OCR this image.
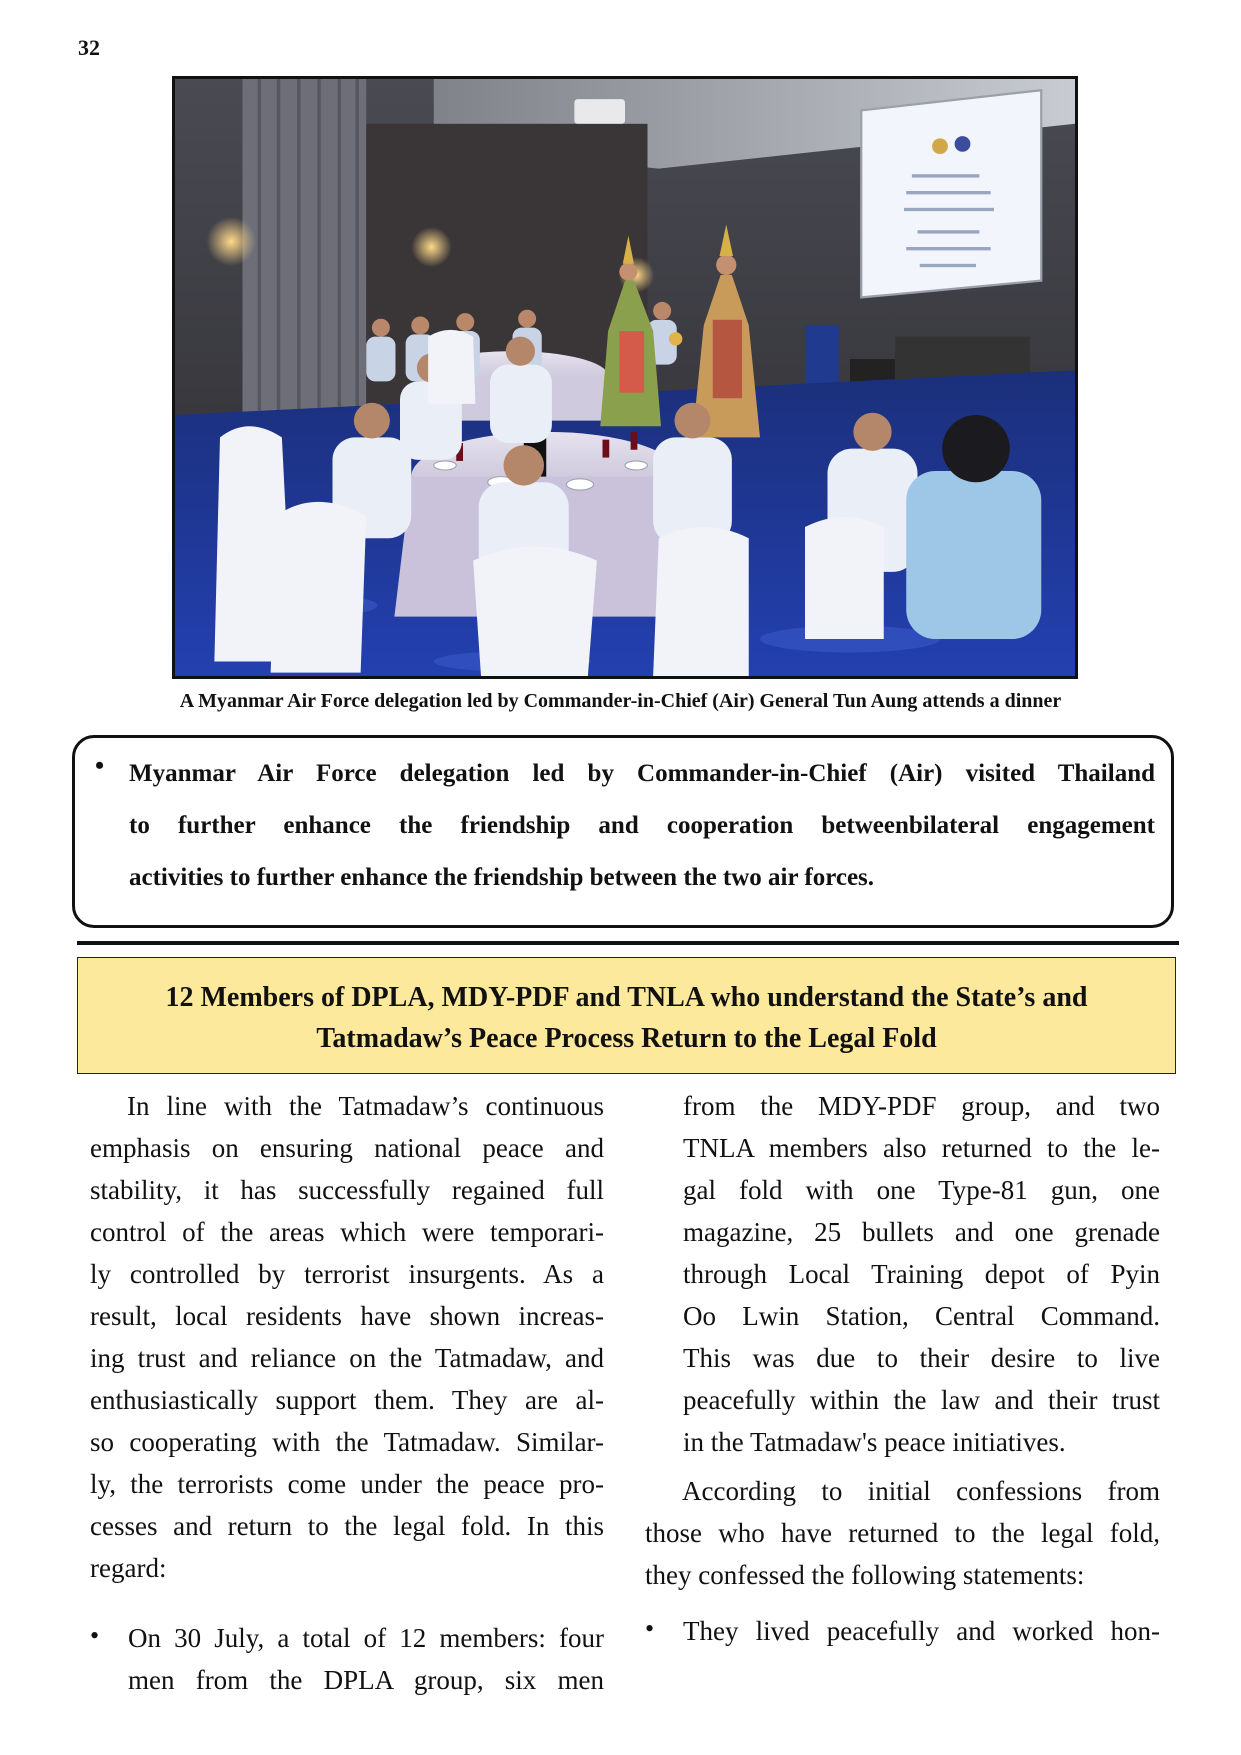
32
A Myanmar Air Force delegation led by Commander-in-Chief (Air) General Tun Aung attends a dinner
• Myanmar Air Force delegation led by Commander-in-Chief (Air) visited Thailand
to further enhance the friendship and cooperation betweenbilateral engagement
activities to further enhance the friendship between the two air forces.
12 Members of DPLA, MDY-PDF and TNLA who understand the State’s and
Tatmadaw’s Peace Process Return to the Legal Fold
In line with the Tatmadaw’s continuous
emphasis on ensuring national peace and
stability, it has successfully regained full
control of the areas which were temporari-
ly controlled by terrorist insurgents. As a
result, local residents have shown increas-
ing trust and reliance on the Tatmadaw, and
enthusiastically support them. They are al-
so cooperating with the Tatmadaw. Similar-
ly, the terrorists come under the peace pro-
cesses and return to the legal fold. In this
regard:
• On 30 July, a total of 12 members: four
men from the DPLA group, six men
from the MDY-PDF group, and two
TNLA members also returned to the le-
gal fold with one Type-81 gun, one
magazine, 25 bullets and one grenade
through Local Training depot of Pyin
Oo Lwin Station, Central Command.
This was due to their desire to live
peacefully within the law and their trust
in the Tatmadaw's peace initiatives.
According to initial confessions from
those who have returned to the legal fold,
they confessed the following statements:
• They lived peacefully and worked hon-
